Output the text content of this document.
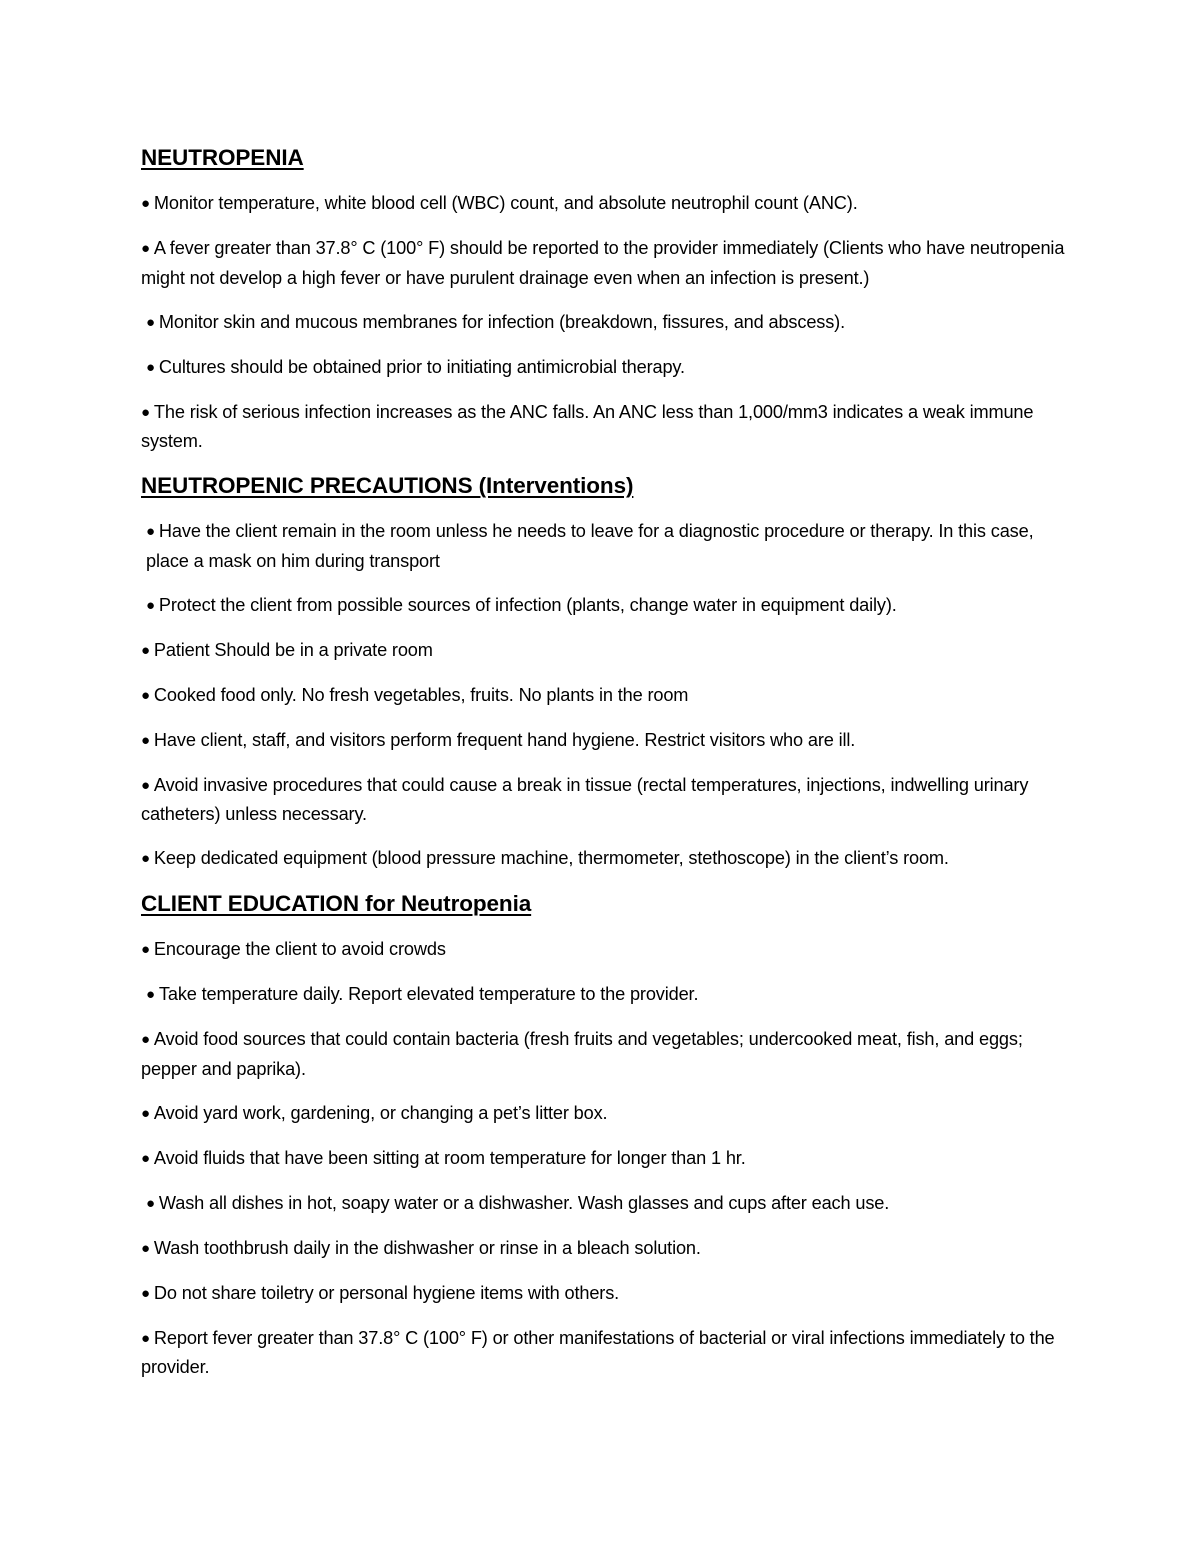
NEUTROPENIA
● Monitor temperature, white blood cell (WBC) count, and absolute neutrophil count (ANC).
● A fever greater than 37.8° C (100° F) should be reported to the provider immediately (Clients who have neutropenia might not develop a high fever or have purulent drainage even when an infection is present.)
● Monitor skin and mucous membranes for infection (breakdown, fissures, and abscess).
● Cultures should be obtained prior to initiating antimicrobial therapy.
● The risk of serious infection increases as the ANC falls. An ANC less than 1,000/mm3 indicates a weak immune system.
NEUTROPENIC PRECAUTIONS (Interventions)
● Have the client remain in the room unless he needs to leave for a diagnostic procedure or therapy. In this case, place a mask on him during transport
● Protect the client from possible sources of infection (plants, change water in equipment daily).
● Patient Should be in a private room
● Cooked food only. No fresh vegetables, fruits. No plants in the room
● Have client, staff, and visitors perform frequent hand hygiene. Restrict visitors who are ill.
● Avoid invasive procedures that could cause a break in tissue (rectal temperatures, injections, indwelling urinary catheters) unless necessary.
● Keep dedicated equipment (blood pressure machine, thermometer, stethoscope) in the client’s room.
CLIENT EDUCATION for Neutropenia
● Encourage the client to avoid crowds
● Take temperature daily. Report elevated temperature to the provider.
● Avoid food sources that could contain bacteria (fresh fruits and vegetables; undercooked meat, fish, and eggs; pepper and paprika).
● Avoid yard work, gardening, or changing a pet’s litter box.
● Avoid fluids that have been sitting at room temperature for longer than 1 hr.
● Wash all dishes in hot, soapy water or a dishwasher. Wash glasses and cups after each use.
● Wash toothbrush daily in the dishwasher or rinse in a bleach solution.
● Do not share toiletry or personal hygiene items with others.
● Report fever greater than 37.8° C (100° F) or other manifestations of bacterial or viral infections immediately to the provider.
